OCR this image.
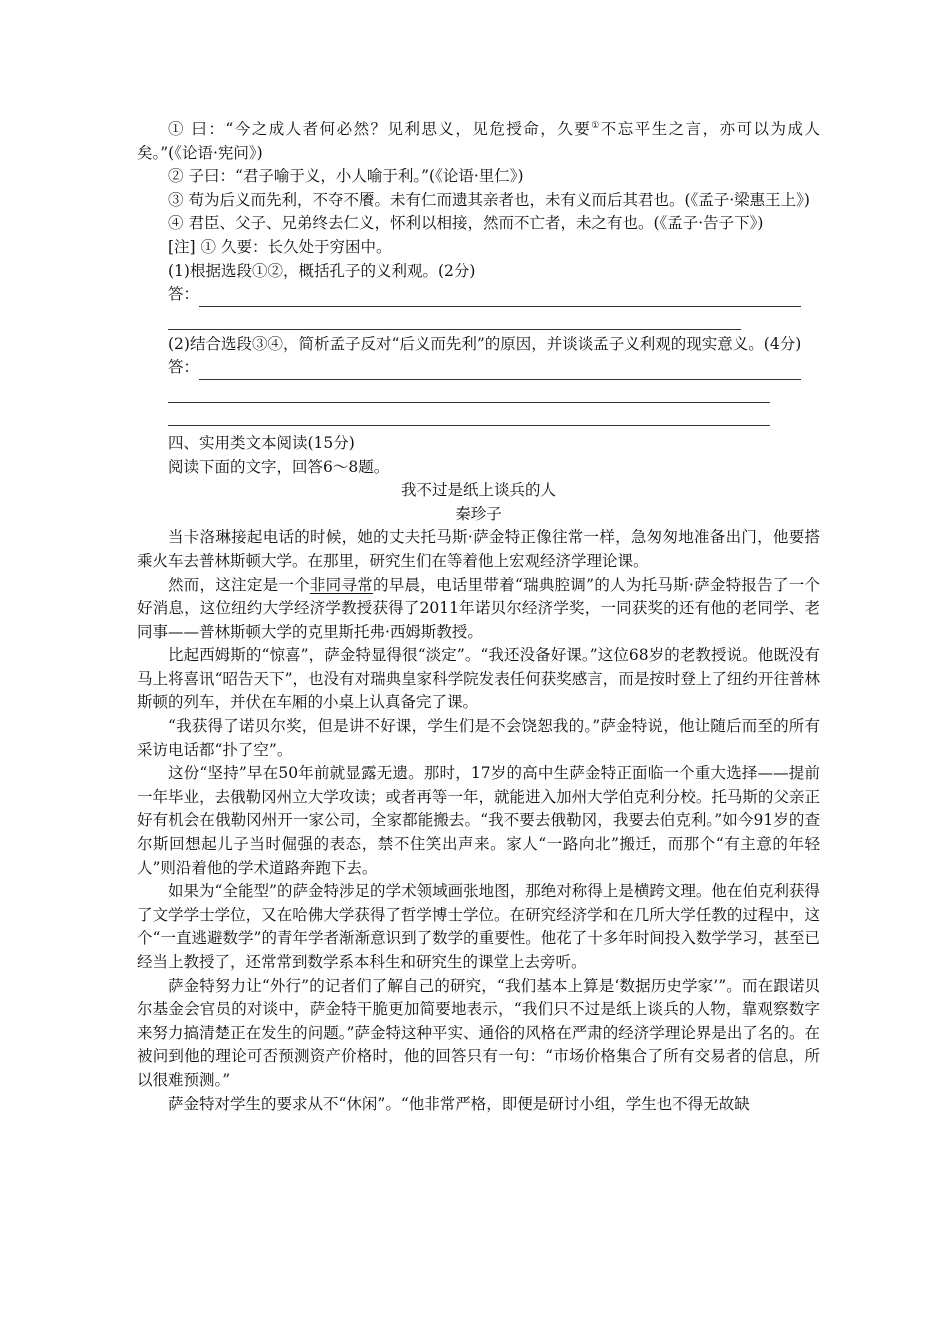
① 曰：“今之成人者何必然？见利思义，见危授命，久要①不忘平生之言，亦可以为成人矣。”(《论语·宪问》)

② 子曰：“君子喻于义，小人喻于利。”(《论语·里仁》)

③ 苟为后义而先利，不夺不餍。未有仁而遗其亲者也，未有义而后其君也。(《孟子·梁惠王上》)

④ 君臣、父子、兄弟终去仁义，怀利以相接，然而不亡者，未之有也。(《孟子·告子下》)

[注] ① 久要：长久处于穷困中。

(1)根据选段①②，概括孔子的义利观。(2分)

答：

(2)结合选段③④，简析孟子反对“后义而先利”的原因，并谈谈孟子义利观的现实意义。(4分)

答：

四、实用类文本阅读(15分)

阅读下面的文字，回答6～8题。

我不过是纸上谈兵的人

秦珍子

当卡洛琳接起电话的时候，她的丈夫托马斯·萨金特正像往常一样，急匆匆地准备出门，他要搭乘火车去普林斯顿大学。在那里，研究生们在等着他上宏观经济学理论课。

然而，这注定是一个非同寻常的早晨，电话里带着“瑞典腔调”的人为托马斯·萨金特报告了一个好消息，这位纽约大学经济学教授获得了2011年诺贝尔经济学奖，一同获奖的还有他的老同学、老同事——普林斯顿大学的克里斯托弗·西姆斯教授。

比起西姆斯的“惊喜”，萨金特显得很“淡定”。“我还没备好课。”这位68岁的老教授说。他既没有马上将喜讯“昭告天下”，也没有对瑞典皇家科学院发表任何获奖感言，而是按时登上了纽约开往普林斯顿的列车，并伏在车厢的小桌上认真备完了课。

“我获得了诺贝尔奖，但是讲不好课，学生们是不会饶恕我的。”萨金特说，他让随后而至的所有采访电话都“扑了空”。

这份“坚持”早在50年前就显露无遗。那时，17岁的高中生萨金特正面临一个重大选择——提前一年毕业，去俄勒冈州立大学攻读；或者再等一年，就能进入加州大学伯克利分校。托马斯的父亲正好有机会在俄勒冈州开一家公司，全家都能搬去。“我不要去俄勒冈，我要去伯克利。”如今91岁的查尔斯回想起儿子当时倔强的表态，禁不住笑出声来。家人“一路向北”搬迁，而那个“有主意的年轻人”则沿着他的学术道路奔跑下去。

如果为“全能型”的萨金特涉足的学术领域画张地图，那绝对称得上是横跨文理。他在伯克利获得了文学学士学位，又在哈佛大学获得了哲学博士学位。在研究经济学和在几所大学任教的过程中，这个“一直逃避数学”的青年学者渐渐意识到了数学的重要性。他花了十多年时间投入数学学习，甚至已经当上教授了，还常常到数学系本科生和研究生的课堂上去旁听。

萨金特努力让“外行”的记者们了解自己的研究，“我们基本上算是‘数据历史学家’”。而在跟诺贝尔基金会官员的对谈中，萨金特干脆更加简要地表示，“我们只不过是纸上谈兵的人物，靠观察数字来努力搞清楚正在发生的问题。”萨金特这种平实、通俗的风格在严肃的经济学理论界是出了名的。在被问到他的理论可否预测资产价格时，他的回答只有一句：“市场价格集合了所有交易者的信息，所以很难预测。”

萨金特对学生的要求从不“休闲”。“他非常严格，即便是研讨小组，学生也不得无故缺
